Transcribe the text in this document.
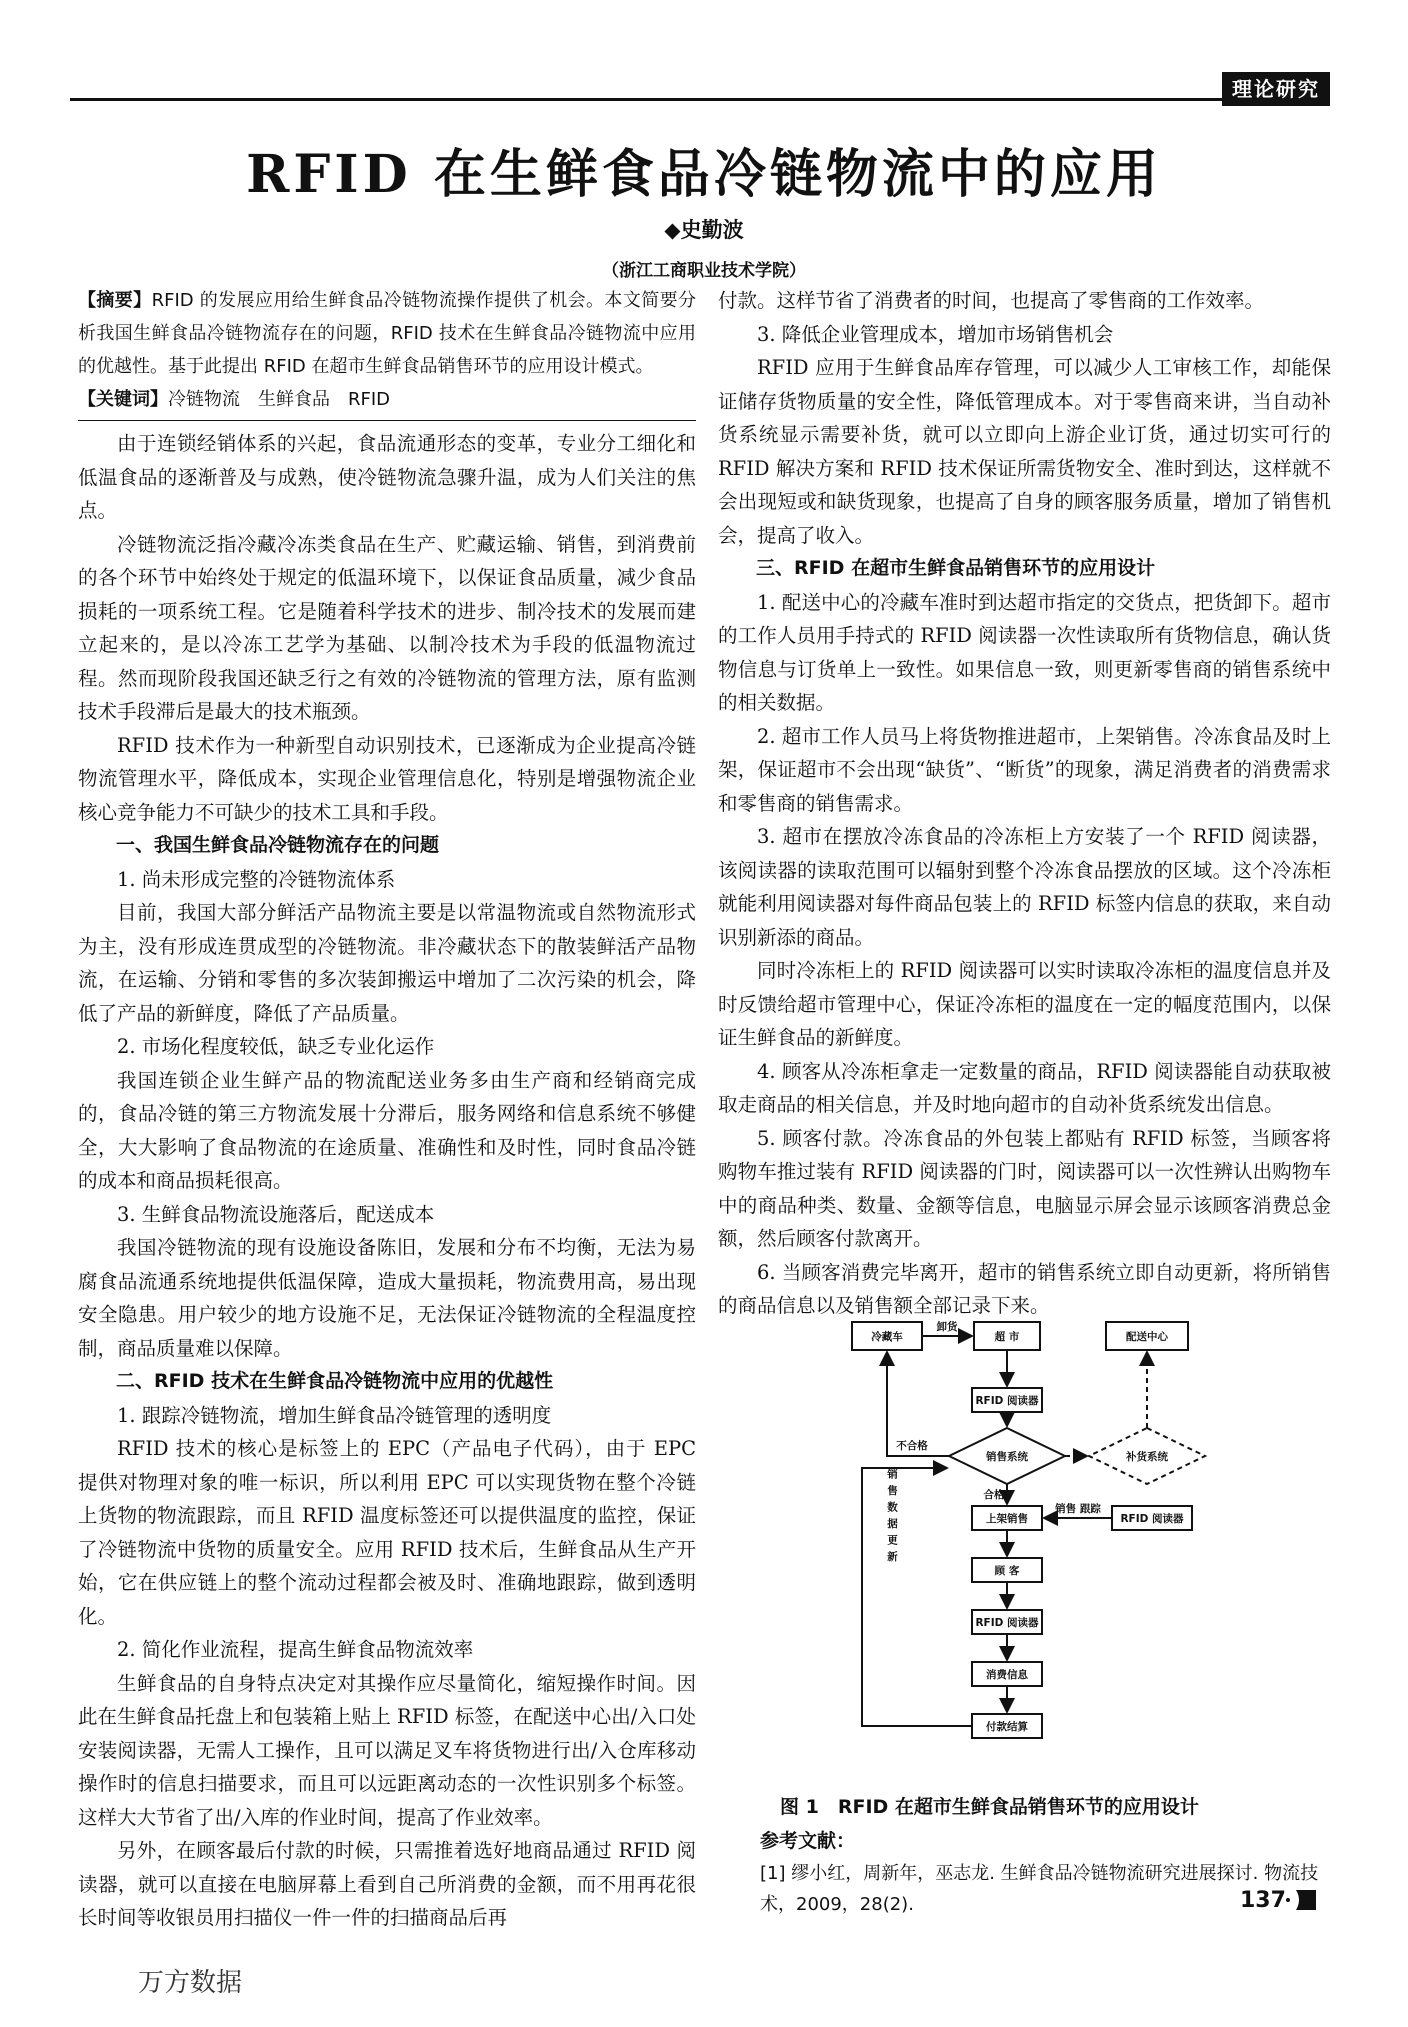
理论研究
RFID 在生鲜食品冷链物流中的应用
◆史勤波
（浙江工商职业技术学院）
【摘要】RFID 的发展应用给生鲜食品冷链物流操作提供了机会。本文简要分析我国生鲜食品冷链物流存在的问题，RFID 技术在生鲜食品冷链物流中应用的优越性。基于此提出 RFID 在超市生鲜食品销售环节的应用设计模式。
【关键词】冷链物流　生鲜食品　RFID

由于连锁经销体系的兴起，食品流通形态的变革，专业分工细化和低温食品的逐渐普及与成熟，使冷链物流急骤升温，成为人们关注的焦点。

冷链物流泛指冷藏冷冻类食品在生产、贮藏运输、销售，到消费前的各个环节中始终处于规定的低温环境下，以保证食品质量，减少食品损耗的一项系统工程。它是随着科学技术的进步、制冷技术的发展而建立起来的，是以冷冻工艺学为基础、以制冷技术为手段的低温物流过程。然而现阶段我国还缺乏行之有效的冷链物流的管理方法，原有监测技术手段滞后是最大的技术瓶颈。

RFID 技术作为一种新型自动识别技术，已逐渐成为企业提高冷链物流管理水平，降低成本，实现企业管理信息化，特别是增强物流企业核心竞争能力不可缺少的技术工具和手段。

一、我国生鲜食品冷链物流存在的问题

1. 尚未形成完整的冷链物流体系

目前，我国大部分鲜活产品物流主要是以常温物流或自然物流形式为主，没有形成连贯成型的冷链物流。非冷藏状态下的散装鲜活产品物流，在运输、分销和零售的多次装卸搬运中增加了二次污染的机会，降低了产品的新鲜度，降低了产品质量。

2. 市场化程度较低，缺乏专业化运作

我国连锁企业生鲜产品的物流配送业务多由生产商和经销商完成的，食品冷链的第三方物流发展十分滞后，服务网络和信息系统不够健全，大大影响了食品物流的在途质量、准确性和及时性，同时食品冷链的成本和商品损耗很高。

3. 生鲜食品物流设施落后，配送成本

我国冷链物流的现有设施设备陈旧，发展和分布不均衡，无法为易腐食品流通系统地提供低温保障，造成大量损耗，物流费用高，易出现安全隐患。用户较少的地方设施不足，无法保证冷链物流的全程温度控制，商品质量难以保障。

二、RFID 技术在生鲜食品冷链物流中应用的优越性

1. 跟踪冷链物流，增加生鲜食品冷链管理的透明度

RFID 技术的核心是标签上的 EPC（产品电子代码），由于 EPC 提供对物理对象的唯一标识，所以利用 EPC 可以实现货物在整个冷链上货物的物流跟踪，而且 RFID 温度标签还可以提供温度的监控，保证了冷链物流中货物的质量安全。应用 RFID 技术后，生鲜食品从生产开始，它在供应链上的整个流动过程都会被及时、准确地跟踪，做到透明化。

2. 简化作业流程，提高生鲜食品物流效率

生鲜食品的自身特点决定对其操作应尽量简化，缩短操作时间。因此在生鲜食品托盘上和包装箱上贴上 RFID 标签，在配送中心出/入口处安装阅读器，无需人工操作，且可以满足叉车将货物进行出/入仓库移动操作时的信息扫描要求，而且可以远距离动态的一次性识别多个标签。这样大大节省了出/入库的作业时间，提高了作业效率。

另外，在顾客最后付款的时候，只需推着选好地商品通过 RFID 阅读器，就可以直接在电脑屏幕上看到自己所消费的金额，而不用再花很长时间等收银员用扫描仪一件一件的扫描商品后再

付款。这样节省了消费者的时间，也提高了零售商的工作效率。

3. 降低企业管理成本，增加市场销售机会

RFID 应用于生鲜食品库存管理，可以减少人工审核工作，却能保证储存货物质量的安全性，降低管理成本。对于零售商来讲，当自动补货系统显示需要补货，就可以立即向上游企业订货，通过切实可行的 RFID 解决方案和 RFID 技术保证所需货物安全、准时到达，这样就不会出现短或和缺货现象，也提高了自身的顾客服务质量，增加了销售机会，提高了收入。

三、RFID 在超市生鲜食品销售环节的应用设计

1. 配送中心的冷藏车准时到达超市指定的交货点，把货卸下。超市的工作人员用手持式的 RFID 阅读器一次性读取所有货物信息，确认货物信息与订货单上一致性。如果信息一致，则更新零售商的销售系统中的相关数据。

2. 超市工作人员马上将货物推进超市，上架销售。冷冻食品及时上架，保证超市不会出现“缺货”、“断货”的现象，满足消费者的消费需求和零售商的销售需求。

3. 超市在摆放冷冻食品的冷冻柜上方安装了一个 RFID 阅读器，该阅读器的读取范围可以辐射到整个冷冻食品摆放的区域。这个冷冻柜就能利用阅读器对每件商品包装上的 RFID 标签内信息的获取，来自动识别新添的商品。

同时冷冻柜上的 RFID 阅读器可以实时读取冷冻柜的温度信息并及时反馈给超市管理中心，保证冷冻柜的温度在一定的幅度范围内，以保证生鲜食品的新鲜度。

4. 顾客从冷冻柜拿走一定数量的商品，RFID 阅读器能自动获取被取走商品的相关信息，并及时地向超市的自动补货系统发出信息。

5. 顾客付款。冷冻食品的外包装上都贴有 RFID 标签，当顾客将购物车推过装有 RFID 阅读器的门时，阅读器可以一次性辨认出购物车中的商品种类、数量、金额等信息，电脑显示屏会显示该顾客消费总金额，然后顾客付款离开。

6. 当顾客消费完毕离开，超市的销售系统立即自动更新，将所销售的商品信息以及销售额全部记录下来。

冷藏车
卸货
超 市	配送中心
RFID 阅读器
销售系统	补货系统
不合格
合格
上架销售
销售 跟踪
RFID 阅读器
顾 客
RFID 阅读器
消费信息
付款结算
销售数据更新
图 1　RFID 在超市生鲜食品销售环节的应用设计
参考文献：
[1] 缪小红，周新年，巫志龙. 生鲜食品冷链物流研究进展探讨. 物流技术，2009，28(2).	137
万方数据
